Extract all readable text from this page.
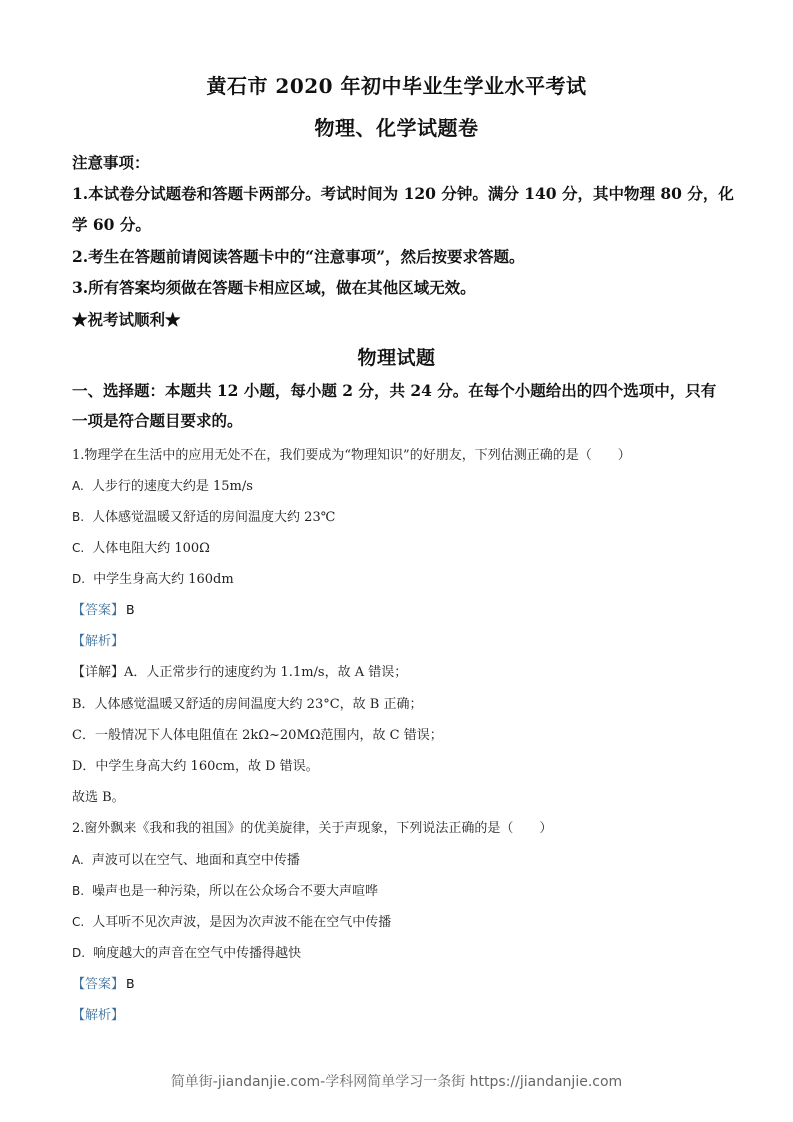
黄石市 2020 年初中毕业生学业水平考试
物理、化学试题卷
注意事项：
1.本试卷分试题卷和答题卡两部分。考试时间为 120 分钟。满分 140 分，其中物理 80 分，化
学 60 分。
2.考生在答题前请阅读答题卡中的“注意事项”，然后按要求答题。
3.所有答案均须做在答题卡相应区域，做在其他区域无效。
★祝考试顺利★
物理试题
一、选择题：本题共 12 小题，每小题 2 分，共 24 分。在每个小题给出的四个选项中，只有
一项是符合题目要求的。
1.物理学在生活中的应用无处不在，我们要成为“物理知识”的好朋友，下列估测正确的是（　　）
A. 人步行的速度大约是 15m/s
B. 人体感觉温暖又舒适的房间温度大约 23℃
C. 人体电阻大约 100Ω
D. 中学生身高大约 160dm
【答案】 B
【解析】
【详解】A．人正常步行的速度约为 1.1m/s，故 A 错误；
B．人体感觉温暖又舒适的房间温度大约 23°C，故 B 正确；
C．一般情况下人体电阻值在 2kΩ~20MΩ范围内，故 C 错误；
D．中学生身高大约 160cm，故 D 错误。
故选 B。
2.窗外飘来《我和我的祖国》的优美旋律，关于声现象，下列说法正确的是（　　）
A. 声波可以在空气、地面和真空中传播
B. 噪声也是一种污染，所以在公众场合不要大声喧哗
C. 人耳听不见次声波，是因为次声波不能在空气中传播
D. 响度越大的声音在空气中传播得越快
【答案】 B
【解析】
简单街-jiandanjie.com-学科网简单学习一条街 https://jiandanjie.com
